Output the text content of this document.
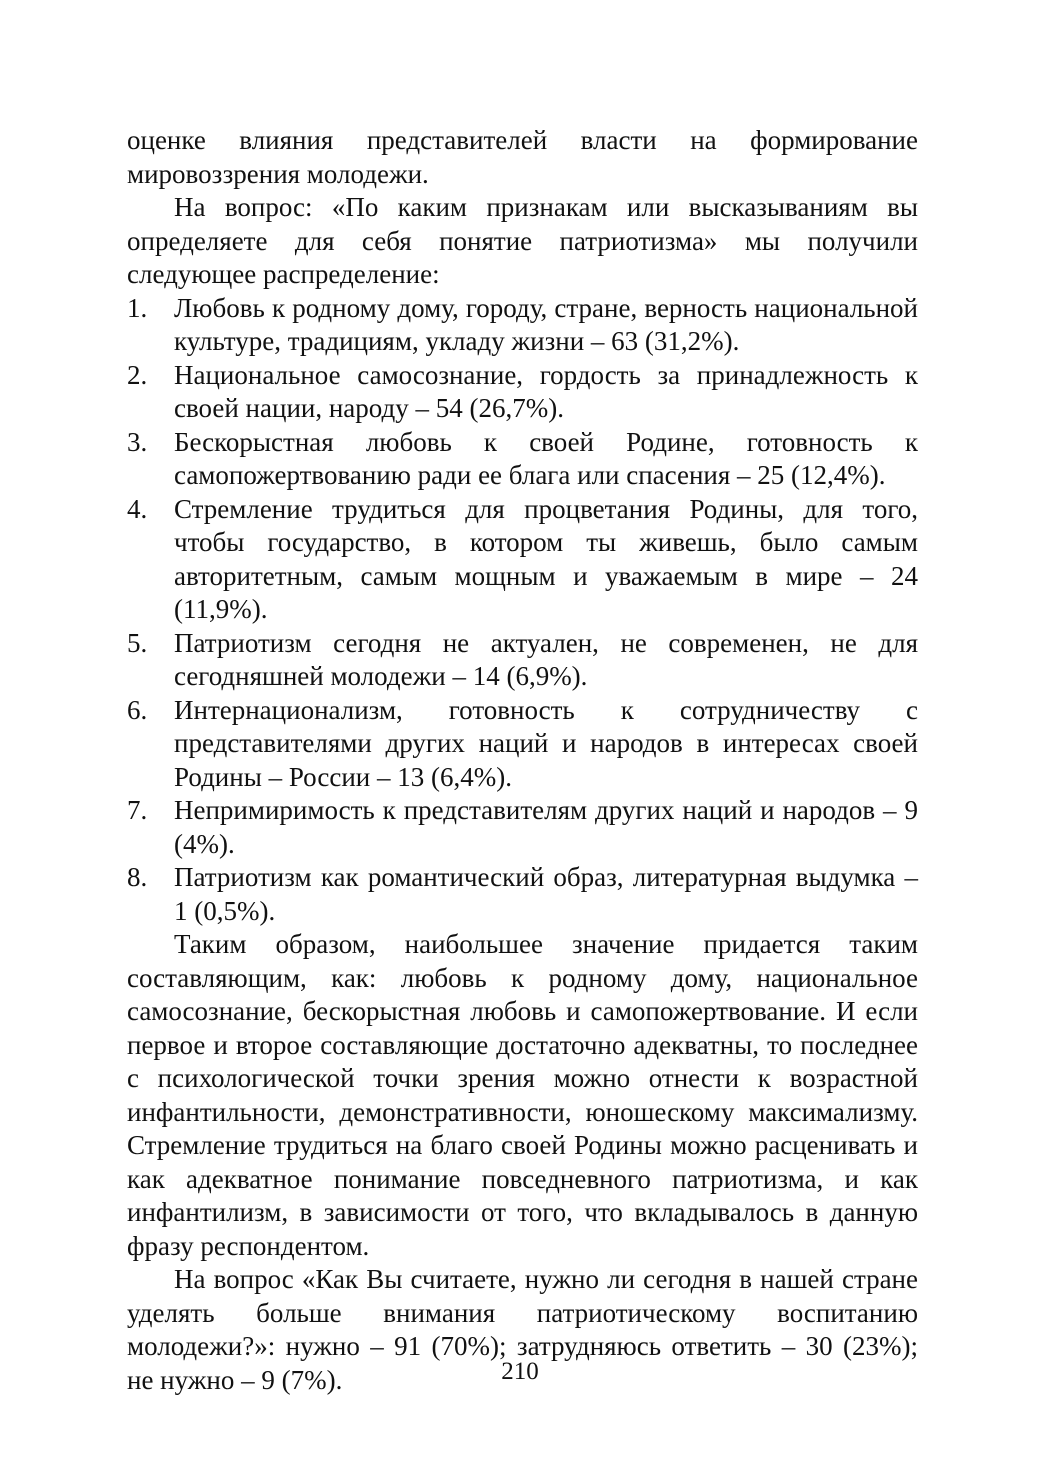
оценке влияния представителей власти на формирование мировоззрения молодежи.

На вопрос: «По каким признакам или высказываниям вы определяете для себя понятие патриотизма» мы получили следующее распределение:

1. Любовь к родному дому, городу, стране, верность национальной культуре, традициям, укладу жизни – 63 (31,2%).
2. Национальное самосознание, гордость за принадлежность к своей нации, народу – 54 (26,7%).
3. Бескорыстная любовь к своей Родине, готовность к самопожертвованию ради ее блага или спасения – 25 (12,4%).
4. Стремление трудиться для процветания Родины, для того, чтобы государство, в котором ты живешь, было самым авторитетным, самым мощным и уважаемым в мире – 24 (11,9%).
5. Патриотизм сегодня не актуален, не современен, не для сегодняшней молодежи – 14 (6,9%).
6. Интернационализм, готовность к сотрудничеству с представителями других наций и народов в интересах своей Родины – России – 13 (6,4%).
7. Непримиримость к представителям других наций и народов – 9 (4%).
8. Патриотизм как романтический образ, литературная выдумка – 1 (0,5%).

Таким образом, наибольшее значение придается таким составляющим, как: любовь к родному дому, национальное самосознание, бескорыстная любовь и самопожертвование. И если первое и второе составляющие достаточно адекватны, то последнее с психологической точки зрения можно отнести к возрастной инфантильности, демонстративности, юношескому максимализму. Стремление трудиться на благо своей Родины можно расценивать и как адекватное понимание повседневного патриотизма, и как инфантилизм, в зависимости от того, что вкладывалось в данную фразу респондентом.

На вопрос «Как Вы считаете, нужно ли сегодня в нашей стране уделять больше внимания патриотическому воспитанию молодежи?»: нужно – 91 (70%); затрудняюсь ответить – 30 (23%); не нужно – 9 (7%).	210
